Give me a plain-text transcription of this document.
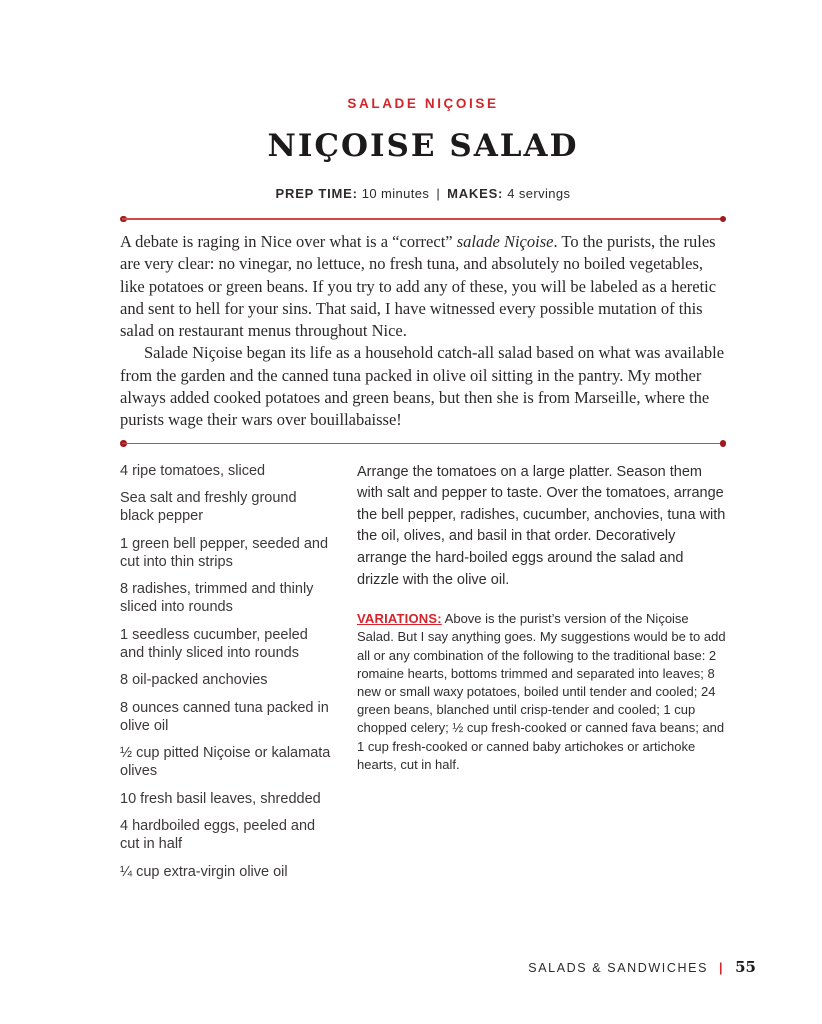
SALADE NIÇOISE
NIÇOISE SALAD
PREP TIME: 10 minutes | MAKES: 4 servings

A debate is raging in Nice over what is a “correct” salade Niçoise. To the purists, the rules are very clear: no vinegar, no lettuce, no fresh tuna, and absolutely no boiled vegetables, like potatoes or green beans. If you try to add any of these, you will be labeled as a heretic and sent to hell for your sins. That said, I have witnessed every possible mutation of this salad on restaurant menus throughout Nice.

Salade Niçoise began its life as a household catch-all salad based on what was available from the garden and the canned tuna packed in olive oil sitting in the pantry. My mother always added cooked potatoes and green beans, but then she is from Marseille, where the purists wage their wars over bouillabaisse!

4 ripe tomatoes, sliced
Sea salt and freshly ground black pepper
1 green bell pepper, seeded and cut into thin strips
8 radishes, trimmed and thinly sliced into rounds
1 seedless cucumber, peeled and thinly sliced into rounds
8 oil-packed anchovies
8 ounces canned tuna packed in olive oil
½ cup pitted Niçoise or kalamata olives
10 fresh basil leaves, shredded
4 hardboiled eggs, peeled and cut in half
¼ cup extra-virgin olive oil

Arrange the tomatoes on a large platter. Season them with salt and pepper to taste. Over the tomatoes, arrange the bell pepper, radishes, cucumber, anchovies, tuna with the oil, olives, and basil in that order. Decoratively arrange the hard-boiled eggs around the salad and drizzle with the olive oil.

VARIATIONS: Above is the purist’s version of the Niçoise Salad. But I say anything goes. My suggestions would be to add all or any combination of the following to the traditional base: 2 romaine hearts, bottoms trimmed and separated into leaves; 8 new or small waxy potatoes, boiled until tender and cooled; 24 green beans, blanched until crisp-tender and cooled; 1 cup chopped celery; ½ cup fresh-cooked or canned fava beans; and 1 cup fresh-cooked or canned baby artichokes or artichoke hearts, cut in half.

SALADS & SANDWICHES | 55
